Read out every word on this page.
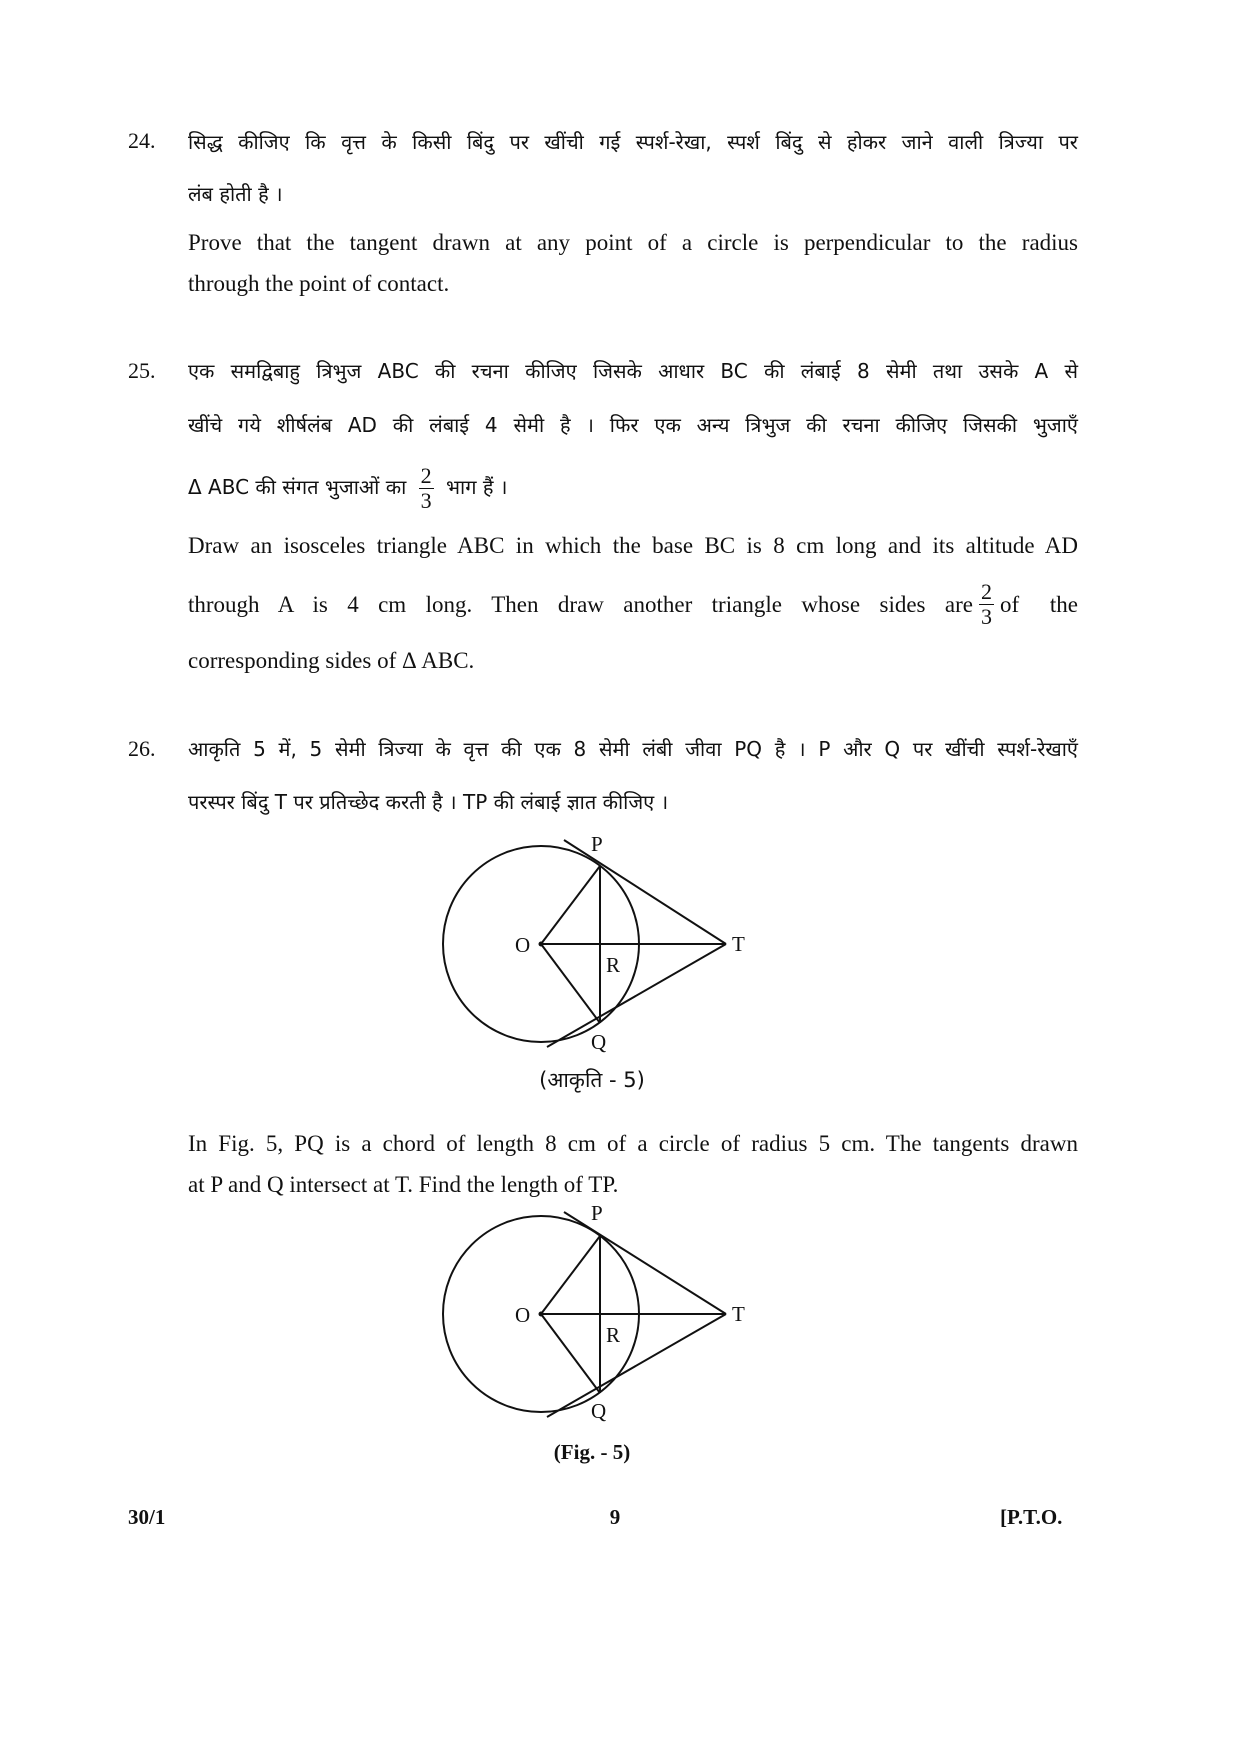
24. सिद्ध कीजिए कि वृत्त के किसी बिंदु पर खींची गई स्पर्श-रेखा, स्पर्श बिंदु से होकर जाने वाली त्रिज्या पर
लंब होती है ।
Prove that the tangent drawn at any point of a circle is perpendicular to the radius
through the point of contact.
25. एक समद्विबाहु त्रिभुज ABC की रचना कीजिए जिसके आधार BC की लंबाई 8 सेमी तथा उसके A से
खींचे गये शीर्षलंब AD की लंबाई 4 सेमी है । फिर एक अन्य त्रिभुज की रचना कीजिए जिसकी भुजाएँ
Δ ABC की संगत भुजाओं का $\frac{2}{3}$ भाग हैं ।
Draw an isosceles triangle ABC in which the base BC is 8 cm long and its altitude AD
through A is 4 cm long. Then draw another triangle whose sides are $\frac{2}{3}$ of the
corresponding sides of Δ ABC.
26. आकृति 5 में, 5 सेमी त्रिज्या के वृत्त की एक 8 सेमी लंबी जीवा PQ है । P और Q पर खींची स्पर्श-रेखाएँ
परस्पर बिंदु T पर प्रतिच्छेद करती है । TP की लंबाई ज्ञात कीजिए ।
P
Q
O
R
T
(आकृति - 5)
In Fig. 5, PQ is a chord of length 8 cm of a circle of radius 5 cm. The tangents drawn
at P and Q intersect at T. Find the length of TP.
P
Q
O
R
T
(Fig. - 5)
30/1	9	[P.T.O.
